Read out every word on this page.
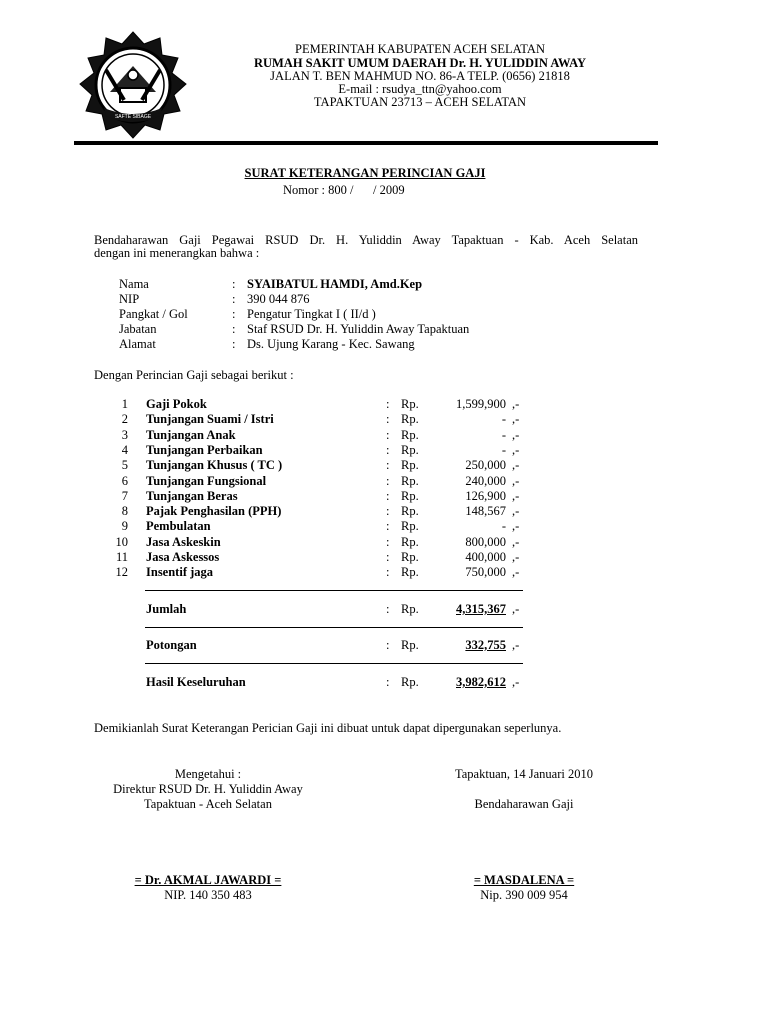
SAFTE SIBAGE
PEMERINTAH KABUPATEN ACEH SELATAN
RUMAH SAKIT UMUM DAERAH Dr. H. YULIDDIN AWAY
JALAN T. BEN MAHMUD NO. 86-A TELP. (0656) 21818
E-mail : rsudya_ttn@yahoo.com
TAPAKTUAN 23713 – ACEH SELATAN
SURAT KETERANGAN PERINCIAN GAJI
Nomor : 800 / / 2009
Bendaharawan Gaji Pegawai RSUD Dr. H. Yuliddin Away Tapaktuan - Kab. Aceh Selatan
dengan ini menerangkan bahwa :
Nama	: SYAIBATUL HAMDI, Amd.Kep
NIP	: 390 044 876
Pangkat / Gol	: Pengatur Tingkat I ( II/d )
Jabatan	: Staf RSUD Dr. H. Yuliddin Away Tapaktuan
Alamat	: Ds. Ujung Karang - Kec. Sawang
Dengan Perincian Gaji sebagai berikut :
1 Gaji Pokok	: Rp.	1,599,900 ,-
2 Tunjangan Suami / Istri	: Rp.	- ,-
3 Tunjangan Anak	: Rp.	- ,-
4 Tunjangan Perbaikan	: Rp.	- ,-
5 Tunjangan Khusus ( TC )	: Rp.	250,000 ,-
6 Tunjangan Fungsional	: Rp.	240,000 ,-
7 Tunjangan Beras	: Rp.	126,900 ,-
8 Pajak Penghasilan (PPH)	: Rp.	148,567 ,-
9 Pembulatan	: Rp.	- ,-
10 Jasa Askeskin	: Rp.	800,000 ,-
11 Jasa Askessos	: Rp.	400,000 ,-
12 Insentif jaga	: Rp.	750,000 ,-
Jumlah	: Rp.	4,315,367 ,-
Potongan	: Rp.	332,755 ,-
Hasil Keseluruhan	: Rp.	3,982,612 ,-
Demikianlah Surat Keterangan Perician Gaji ini dibuat untuk dapat dipergunakan seperlunya.
Mengetahui :
Direktur RSUD Dr. H. Yuliddin Away
Tapaktuan - Aceh Selatan
= Dr. AKMAL JAWARDI =
NIP. 140 350 483
Tapaktuan, 14 Januari 2010
Bendaharawan Gaji
= MASDALENA =
Nip. 390 009 954
